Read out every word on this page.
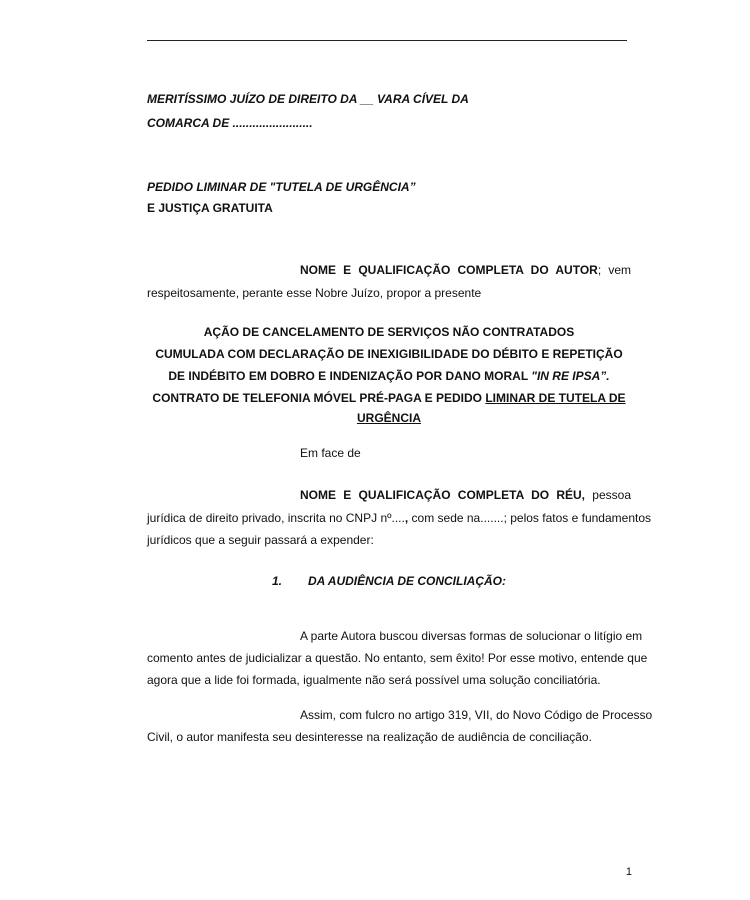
MERITÍSSIMO JUÍZO DE DIREITO DA __ VARA CÍVEL DA
COMARCA DE ........................
PEDIDO LIMINAR DE "TUTELA DE URGÊNCIA”
E JUSTIÇA GRATUITA
NOME E QUALIFICAÇÃO COMPLETA DO AUTOR; vem
respeitosamente, perante esse Nobre Juízo, propor a presente
AÇÃO DE CANCELAMENTO DE SERVIÇOS NÃO CONTRATADOS
CUMULADA COM DECLARAÇÃO DE INEXIGIBILIDADE DO DÉBITO E REPETIÇÃO
DE INDÉBITO EM DOBRO E INDENIZAÇÃO POR DANO MORAL "IN RE IPSA”.
CONTRATO DE TELEFONIA MÓVEL PRÉ-PAGA E PEDIDO LIMINAR DE TUTELA DE
URGÊNCIA
Em face de
NOME E QUALIFICAÇÃO COMPLETA DO RÉU, pessoa
jurídica de direito privado, inscrita no CNPJ nº...., com sede na.......; pelos fatos e fundamentos
jurídicos que a seguir passará a expender:
1. DA AUDIÊNCIA DE CONCILIAÇÃO:
A parte Autora buscou diversas formas de solucionar o litígio em
comento antes de judicializar a questão. No entanto, sem êxito! Por esse motivo, entende que
agora que a lide foi formada, igualmente não será possível uma solução conciliatória.
Assim, com fulcro no artigo 319, VII, do Novo Código de Processo
Civil, o autor manifesta seu desinteresse na realização de audiência de conciliação.
1
